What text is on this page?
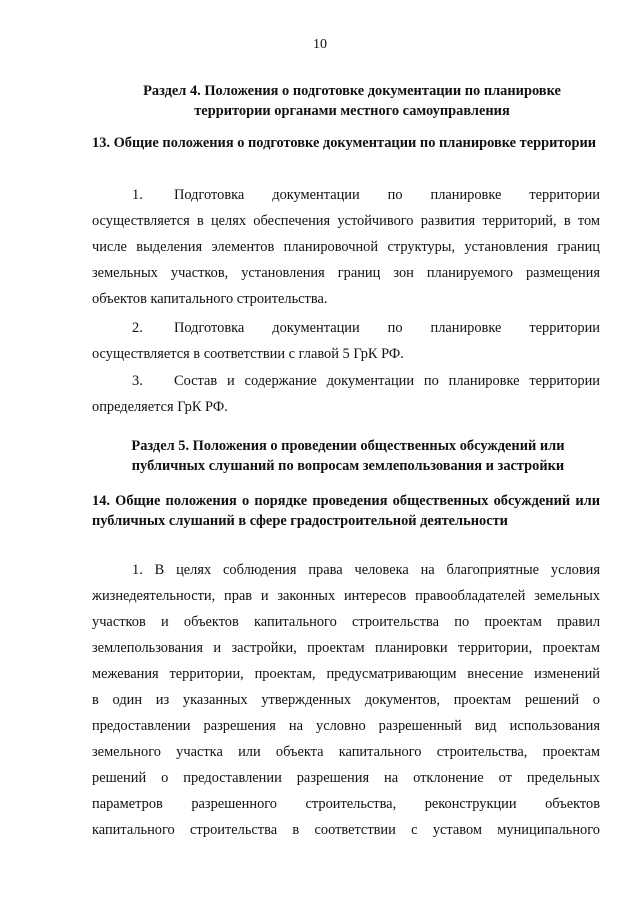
10
Раздел 4. Положения о подготовке документации по планировке территории органами местного самоуправления
13. Общие положения о подготовке документации по планировке территории

1. Подготовка документации по планировке территории
осуществляется в целях обеспечения устойчивого развития территорий, в том
числе выделения элементов планировочной структуры, установления границ
земельных участков, установления границ зон планируемого размещения
объектов капитального строительства.

2. Подготовка документации по планировке территории
осуществляется в соответствии с главой 5 ГрК РФ.

3. Состав и содержание документации по планировке территории
определяется ГрК РФ.

Раздел 5. Положения о проведении общественных обсуждений или публичных слушаний по вопросам землепользования и застройки
14. Общие положения о порядке проведения общественных обсуждений или публичных слушаний в сфере градостроительной деятельности

1. В целях соблюдения права человека на благоприятные условия
жизнедеятельности, прав и законных интересов правообладателей земельных
участков и объектов капитального строительства по проектам правил
землепользования и застройки, проектам планировки территории, проектам
межевания территории, проектам, предусматривающим внесение изменений
в один из указанных утвержденных документов, проектам решений о
предоставлении разрешения на условно разрешенный вид использования
земельного участка или объекта капитального строительства, проектам
решений о предоставлении разрешения на отклонение от предельных
параметров разрешенного строительства, реконструкции объектов
капитального строительства в соответствии с уставом муниципального
